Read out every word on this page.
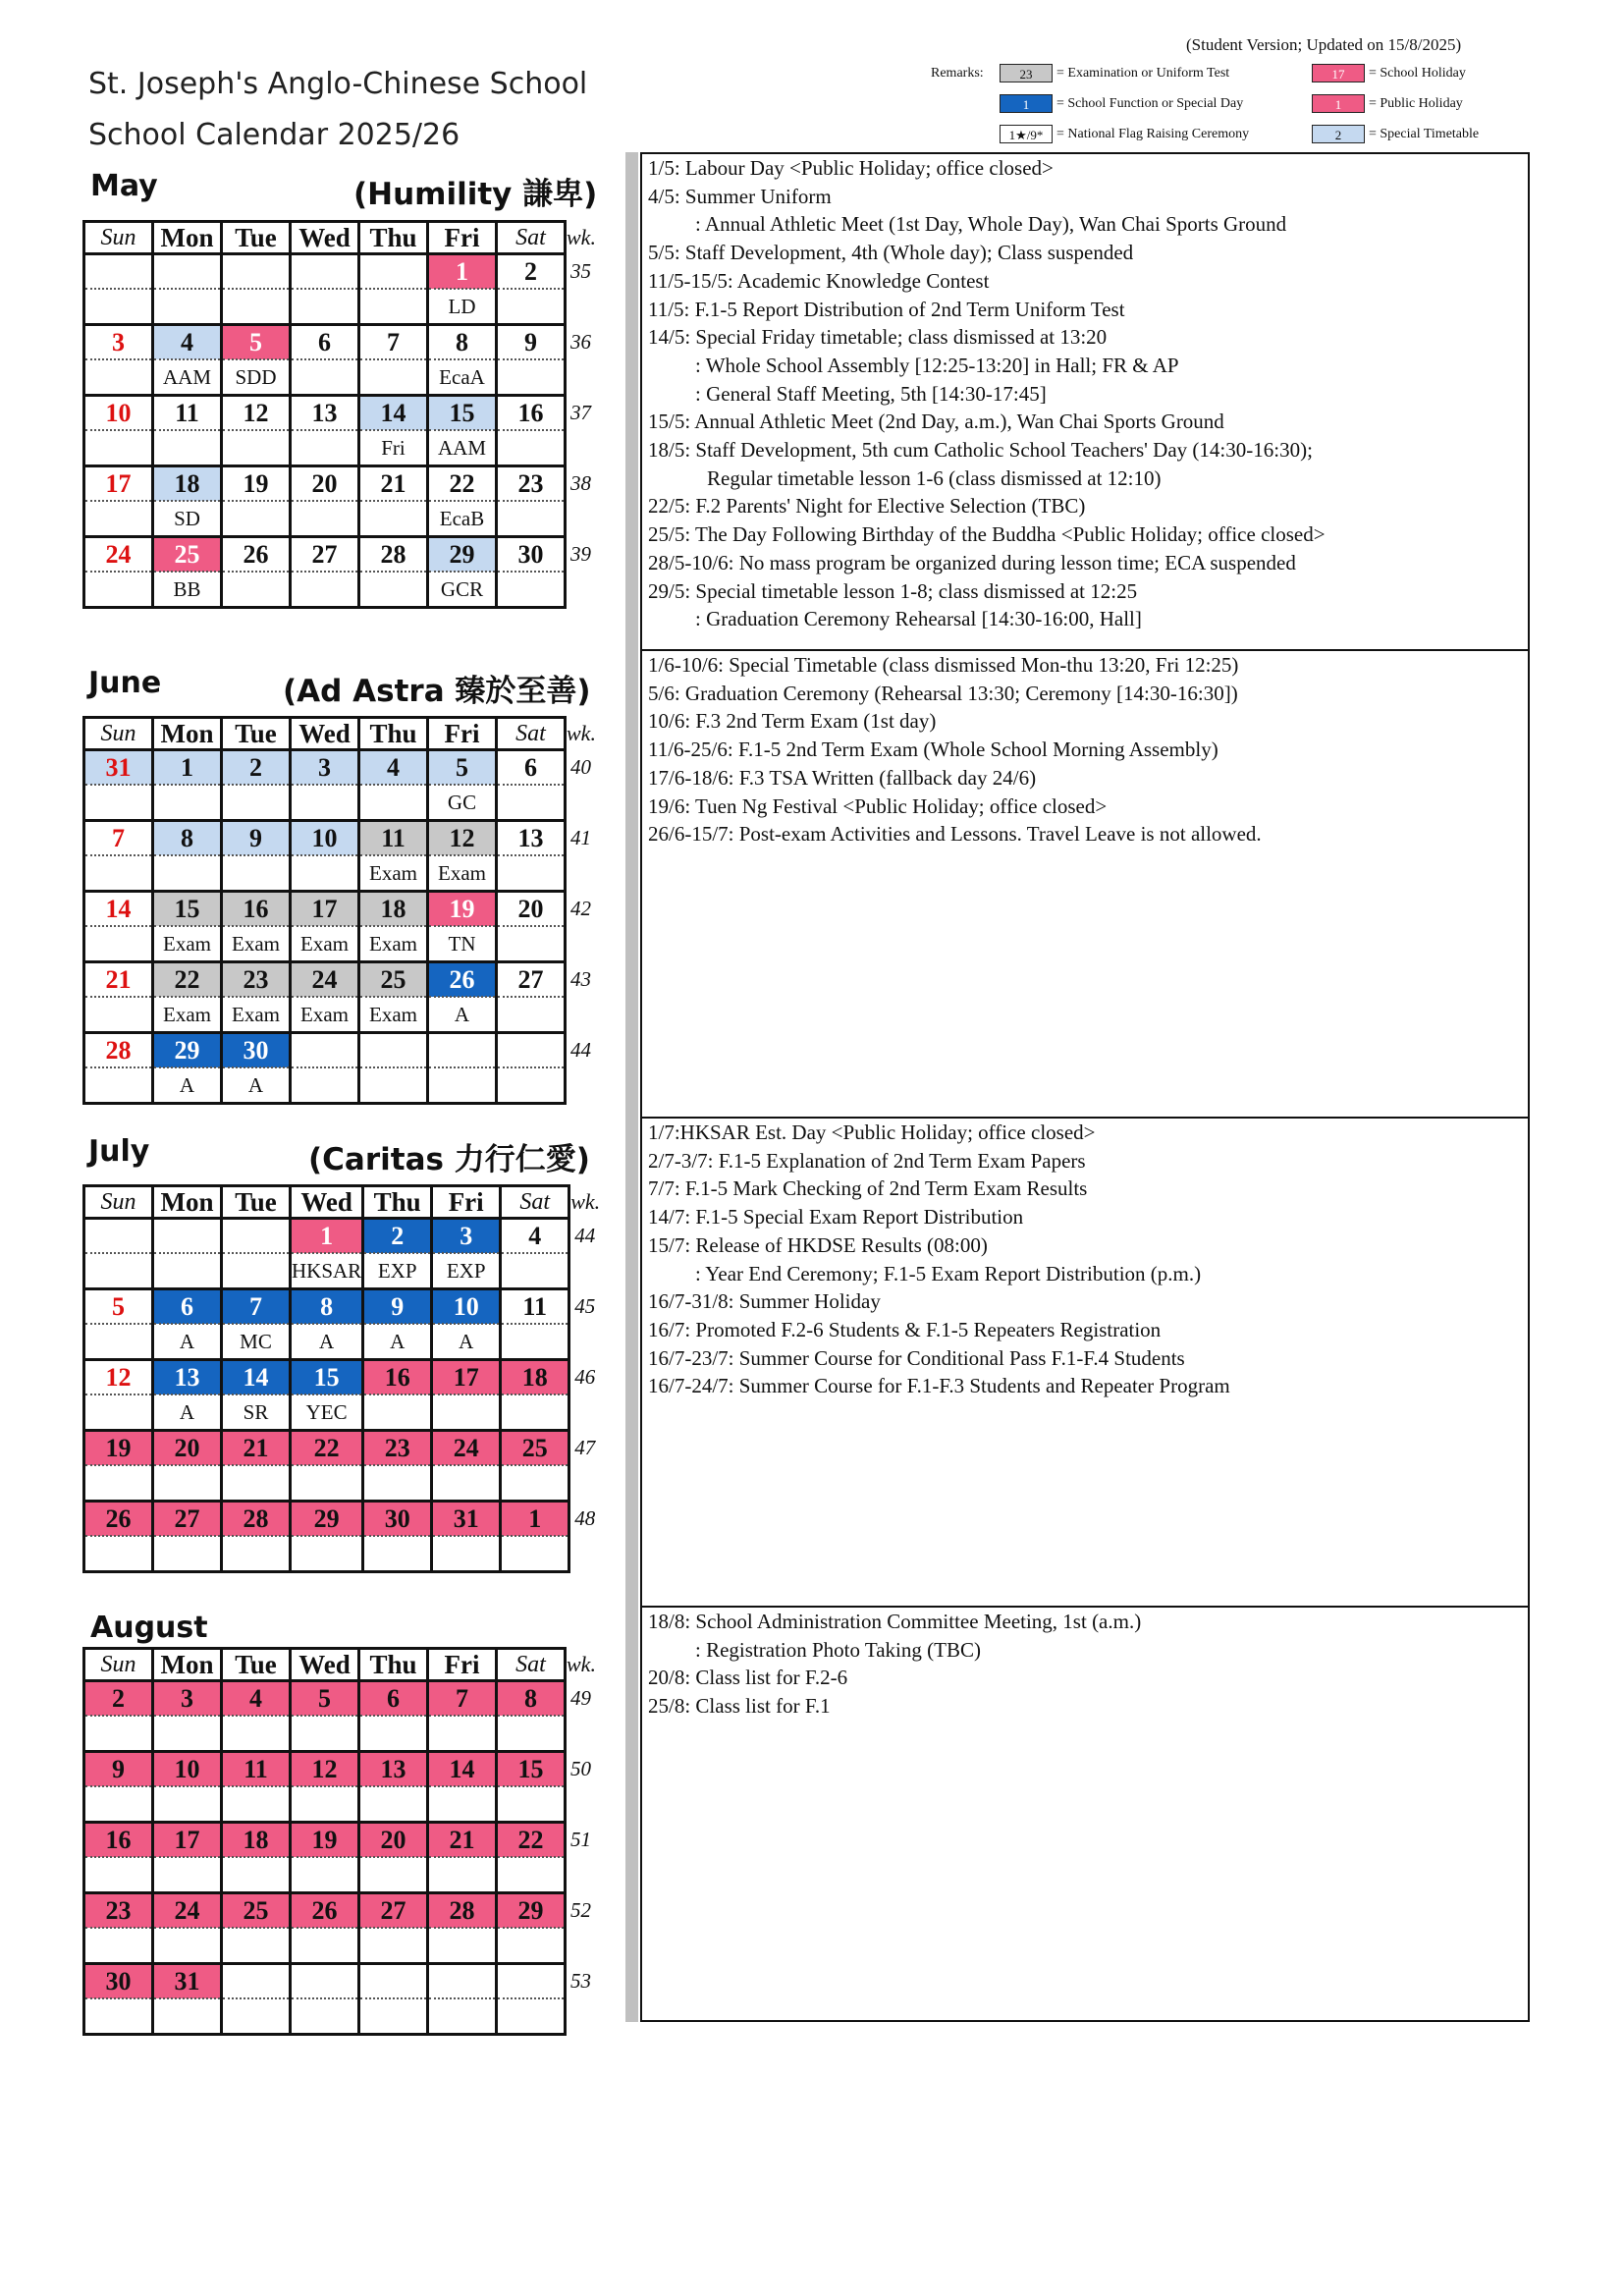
(Student Version; Updated on 15/8/2025)
St. Joseph's Anglo-Chinese School
School Calendar 2025/26
Remarks:	23	= Examination or Uniform Test	17	= School Holiday
1	= School Function or Special Day	1	= Public Holiday
1★/9* = National Flag Raising Ceremony	2	= Special Timetable
May	(Humility 謙卑)
June	(Ad Astra 臻於至善)
July	(Caritas 力行仁愛)
August
Sun	Mon	Tue	Wed	Thu	Fri	Sat	wk.
					1	2	35
					LD		
3	4	5	6	7	8	9	36
	AAM	SDD			EcaA		
10	11	12	13	14	15	16	37
				Fri	AAM		
17	18	19	20	21	22	23	38
	SD				EcaB		
24	25	26	27	28	29	30	39
	BB				GCR		
Sun	Mon	Tue	Wed	Thu	Fri	Sat	wk.
31	1	2	3	4	5	6	40
					GC		
7	8	9	10	11	12	13	41
				Exam	Exam		
14	15	16	17	18	19	20	42
	Exam	Exam	Exam	Exam	TN		
21	22	23	24	25	26	27	43
	Exam	Exam	Exam	Exam	A		
28	29	30					44
	A	A					
Sun	Mon	Tue	Wed	Thu	Fri	Sat	wk.
			1	2	3	4	44
			HKSAR	EXP	EXP		
5	6	7	8	9	10	11	45
	A	MC	A	A	A		
12	13	14	15	16	17	18	46
	A	SR	YEC				
19	20	21	22	23	24	25	47

26	27	28	29	30	31	1	48

Sun	Mon	Tue	Wed	Thu	Fri	Sat	wk.
2	3	4	5	6	7	8	49

9	10	11	12	13	14	15	50

16	17	18	19	20	21	22	51

23	24	25	26	27	28	29	52

30	31						53

1/5: Labour Day <Public Holiday; office closed>
4/5: Summer Uniform
: Annual Athletic Meet (1st Day, Whole Day), Wan Chai Sports Ground
5/5: Staff Development, 4th (Whole day); Class suspended
11/5-15/5: Academic Knowledge Contest
11/5: F.1-5 Report Distribution of 2nd Term Uniform Test
14/5: Special Friday timetable; class dismissed at 13:20
: Whole School Assembly [12:25-13:20] in Hall; FR & AP
: General Staff Meeting, 5th [14:30-17:45]
15/5: Annual Athletic Meet (2nd Day, a.m.), Wan Chai Sports Ground
18/5: Staff Development, 5th cum Catholic School Teachers' Day (14:30-16:30);
Regular timetable lesson 1-6 (class dismissed at 12:10)
22/5: F.2 Parents' Night for Elective Selection (TBC)
25/5: The Day Following Birthday of the Buddha <Public Holiday; office closed>
28/5-10/6: No mass program be organized during lesson time; ECA suspended
29/5: Special timetable lesson 1-8; class dismissed at 12:25
: Graduation Ceremony Rehearsal [14:30-16:00, Hall]
1/6-10/6: Special Timetable (class dismissed Mon-thu 13:20, Fri 12:25)
5/6: Graduation Ceremony (Rehearsal 13:30; Ceremony [14:30-16:30])
10/6: F.3 2nd Term Exam (1st day)
11/6-25/6: F.1-5 2nd Term Exam (Whole School Morning Assembly)
17/6-18/6: F.3 TSA Written (fallback day 24/6)
19/6: Tuen Ng Festival <Public Holiday; office closed>
26/6-15/7: Post-exam Activities and Lessons. Travel Leave is not allowed.
1/7:HKSAR Est. Day <Public Holiday; office closed>
2/7-3/7: F.1-5 Explanation of 2nd Term Exam Papers
7/7: F.1-5 Mark Checking of 2nd Term Exam Results
14/7: F.1-5 Special Exam Report Distribution
15/7: Release of HKDSE Results (08:00)
: Year End Ceremony; F.1-5 Exam Report Distribution (p.m.)
16/7-31/8: Summer Holiday
16/7: Promoted F.2-6 Students & F.1-5 Repeaters Registration
16/7-23/7: Summer Course for Conditional Pass F.1-F.4 Students
16/7-24/7: Summer Course for F.1-F.3 Students and Repeater Program
18/8: School Administration Committee Meeting, 1st (a.m.)
: Registration Photo Taking (TBC)
20/8: Class list for F.2-6
25/8: Class list for F.1
